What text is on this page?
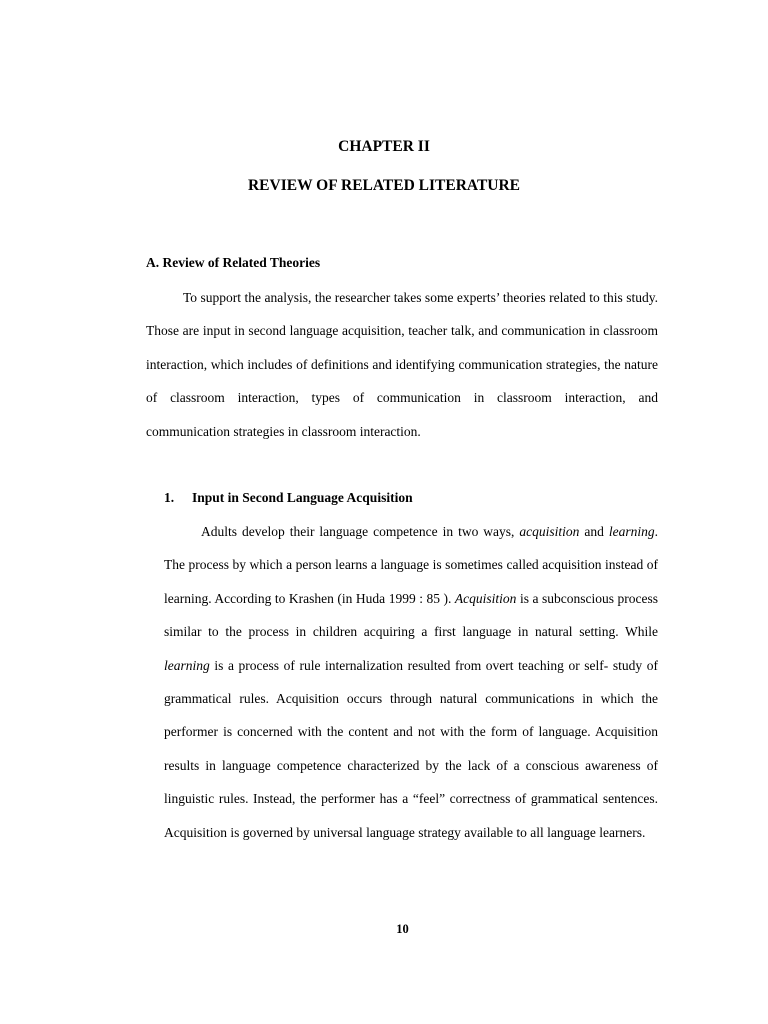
CHAPTER II
REVIEW OF RELATED LITERATURE
A. Review of Related Theories

To support the analysis, the researcher takes some experts’ theories related to this study. Those are input in second language acquisition, teacher talk, and communication in classroom interaction, which includes of definitions and identifying communication strategies, the nature of classroom interaction, types of communication in classroom interaction, and communication strategies in classroom interaction.

1. Input in Second Language Acquisition

Adults develop their language competence in two ways, acquisition and learning. The process by which a person learns a language is sometimes called acquisition instead of learning. According to Krashen (in Huda 1999 : 85 ). Acquisition is a subconscious process similar to the process in children acquiring a first language in natural setting. While learning is a process of rule internalization resulted from overt teaching or self- study of grammatical rules. Acquisition occurs through natural communications in which the performer is concerned with the content and not with the form of language. Acquisition results in language competence characterized by the lack of a conscious awareness of linguistic rules. Instead, the performer has a “feel” correctness of grammatical sentences. Acquisition is governed by universal language strategy available to all language learners.

10
